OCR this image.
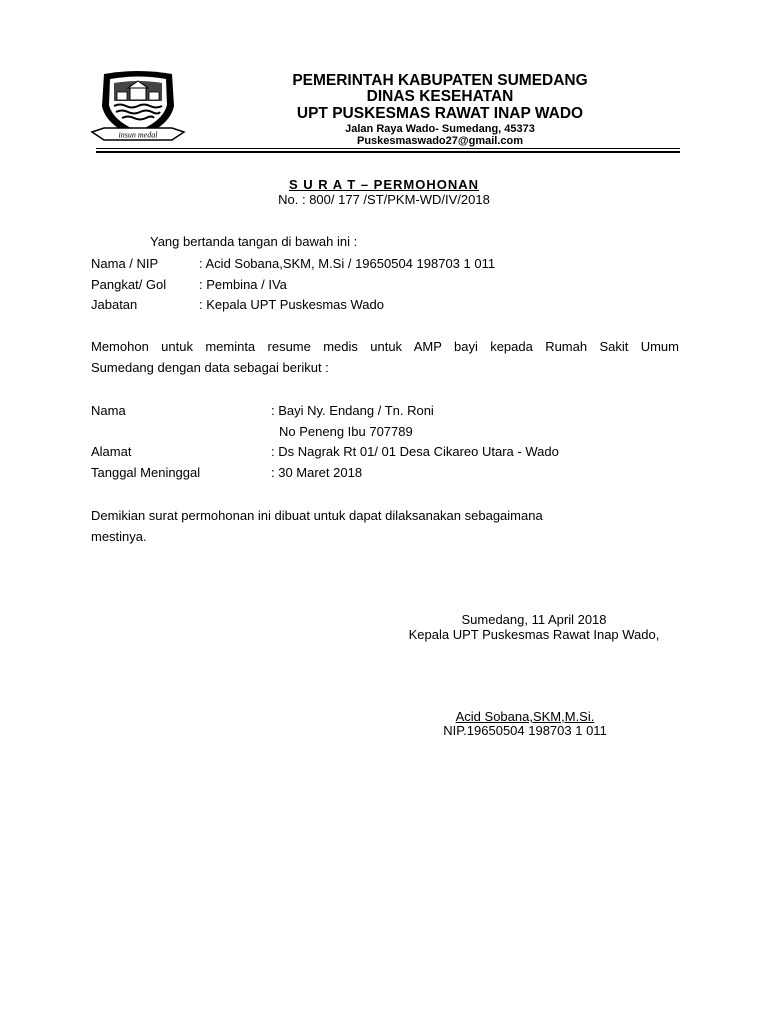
insun medal
PEMERINTAH KABUPATEN SUMEDANG
DINAS KESEHATAN
UPT PUSKESMAS RAWAT INAP WADO
Jalan Raya Wado- Sumedang, 45373
Puskesmaswado27@gmail.com
S U R A T – PERMOHONAN
No. : 800/ 177 /ST/PKM-WD/IV/2018
Yang bertanda tangan di bawah ini :
Nama / NIP	: Acid Sobana,SKM, M.Si / 19650504 198703 1 011
Pangkat/ Gol	: Pembina / IVa
Jabatan	: Kepala UPT Puskesmas Wado
Memohon untuk meminta resume medis untuk AMP bayi kepada Rumah Sakit Umum
Sumedang dengan data sebagai berikut :
Nama	: Bayi Ny. Endang / Tn. Roni
No Peneng Ibu 707789
Alamat	: Ds Nagrak Rt 01/ 01 Desa Cikareo Utara - Wado
Tanggal Meninggal	: 30 Maret 2018
Demikian surat permohonan ini dibuat untuk dapat dilaksanakan sebagaimana
mestinya.
Sumedang, 11 April 2018
Kepala UPT Puskesmas Rawat Inap Wado,
Acid Sobana,SKM,M.Si.
NIP.19650504 198703 1 011
